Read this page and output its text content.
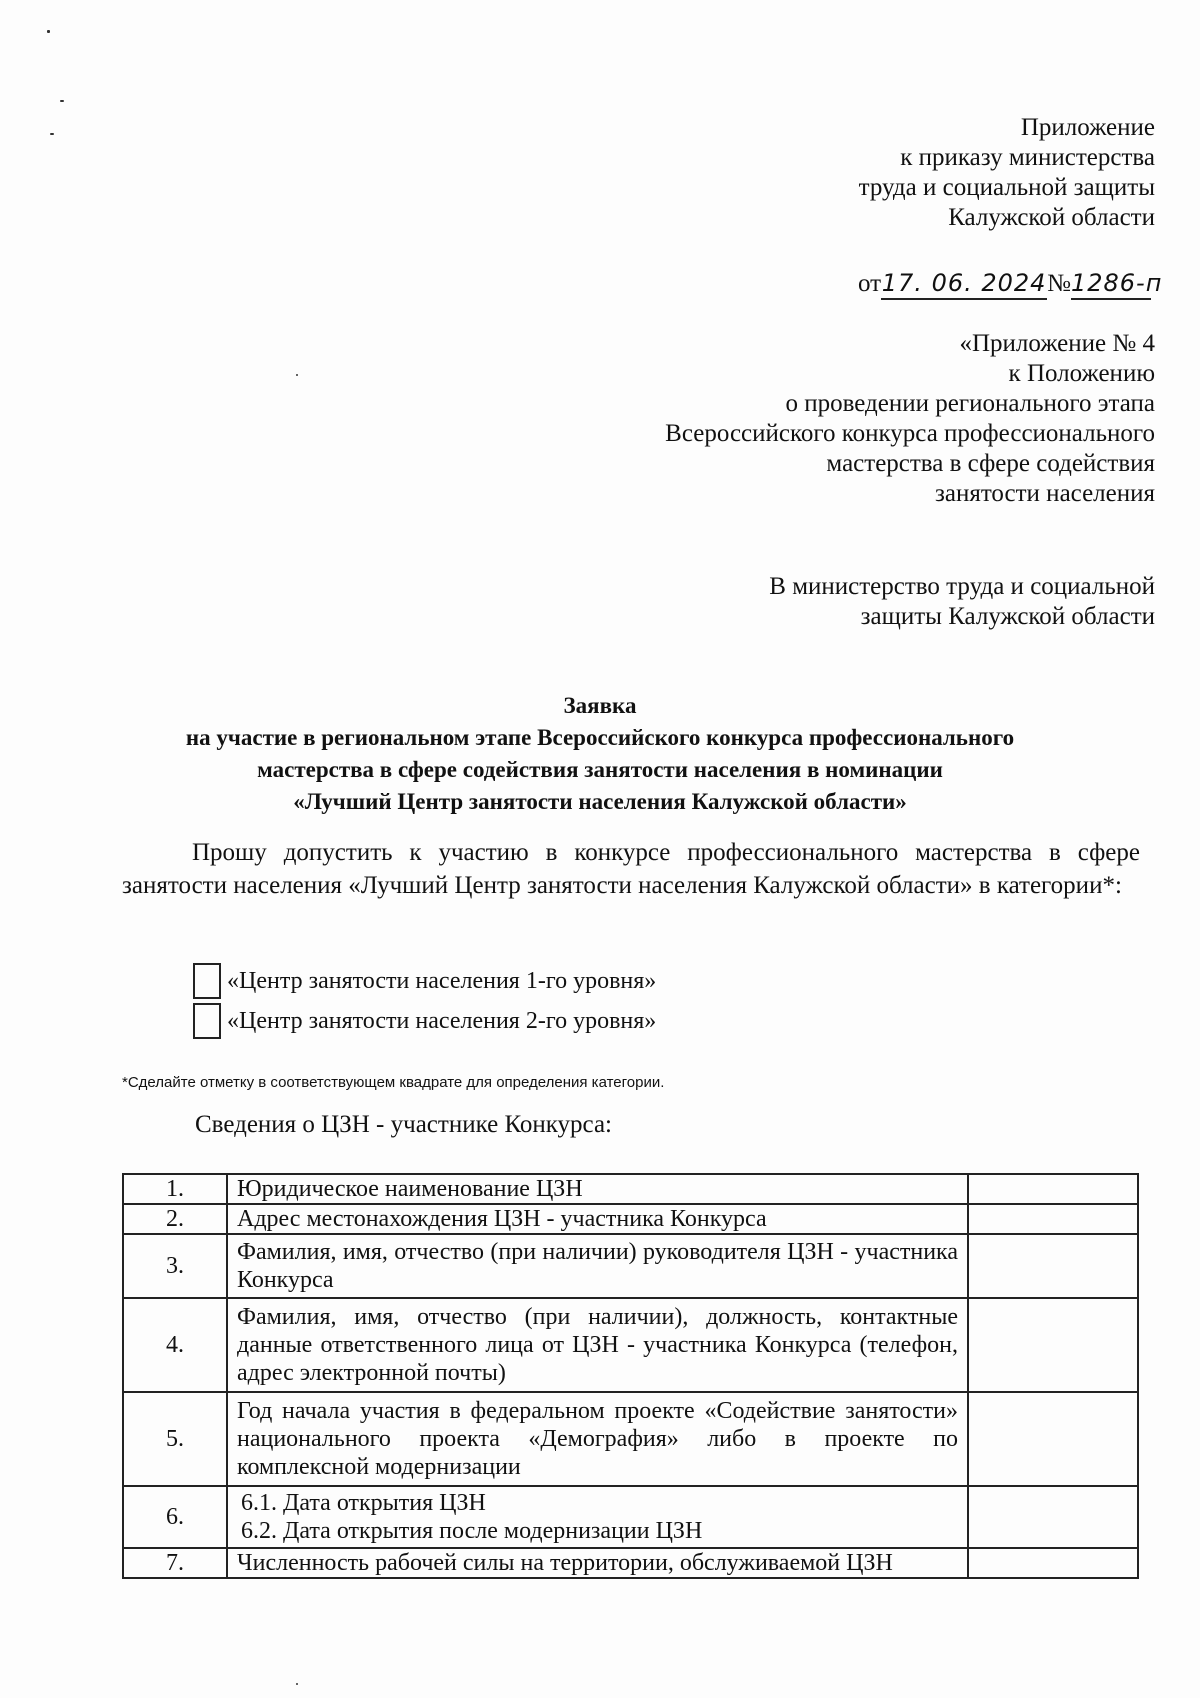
Приложение
к приказу министерства
труда и социальной защиты
Калужской области
от17. 06. 2024№1286-п
«Приложение № 4
к Положению
о проведении регионального этапа
Всероссийского конкурса профессионального
мастерства в сфере содействия
занятости населения
В министерство труда и социальной
защиты Калужской области
Заявка
на участие в региональном этапе Всероссийского конкурса профессионального
мастерства в сфере содействия занятости населения в номинации
«Лучший Центр занятости населения Калужской области»
Прошу допустить к участию в конкурсе профессионального мастерства в сфере занятости населения «Лучший Центр занятости населения Калужской области» в категории*:
«Центр занятости населения 1-го уровня»
«Центр занятости населения 2-го уровня»
*Сделайте отметку в соответствующем квадрате для определения категории.
Сведения о ЦЗН - участнике Конкурса:
1.	Юридическое наименование ЦЗН	

2.	Адрес местонахождения ЦЗН - участника Конкурса	

3.	Фамилия, имя, отчество (при наличии) руководителя ЦЗН - участника Конкурса	

4.	Фамилия, имя, отчество (при наличии), должность, контактные данные ответственного лица от ЦЗН - участника Конкурса (телефон, адрес электронной почты)	

5.	Год начала участия в федеральном проекте «Содействие занятости» национального проекта «Демография» либо в проекте по комплексной модернизации	

6.	6.1. Дата открытия ЦЗН
6.2. Дата открытия после модернизации ЦЗН	

7.	Численность рабочей силы на территории, обслуживаемой ЦЗН	
